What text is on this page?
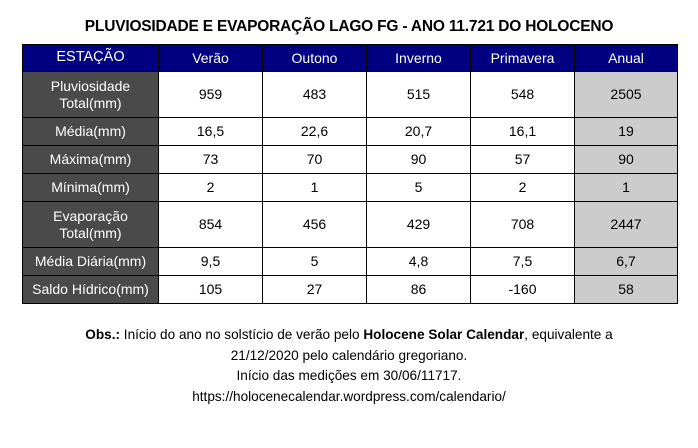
PLUVIOSIDADE E EVAPORAÇÃO LAGO FG - ANO 11.721 DO HOLOCENO
ESTAÇÃO	Verão	Outono	Inverno	Primavera	Anual
Pluviosidade
Total(mm)	959	483	515	548	2505
Média(mm)	16,5	22,6	20,7	16,1	19
Máxima(mm)	73	70	90	57	90
Mínima(mm)	2	1	5	2	1
Evaporação
Total(mm)	854	456	429	708	2447
Média Diária(mm)	9,5	5	4,8	7,5	6,7
Saldo Hídrico(mm)	105	27	86	-160	58
Obs.: Início do ano no solstício de verão pelo Holocene Solar Calendar, equivalente a
21/12/2020 pelo calendário gregoriano.
Início das medições em 30/06/11717.
https://holocenecalendar.wordpress.com/calendario/
